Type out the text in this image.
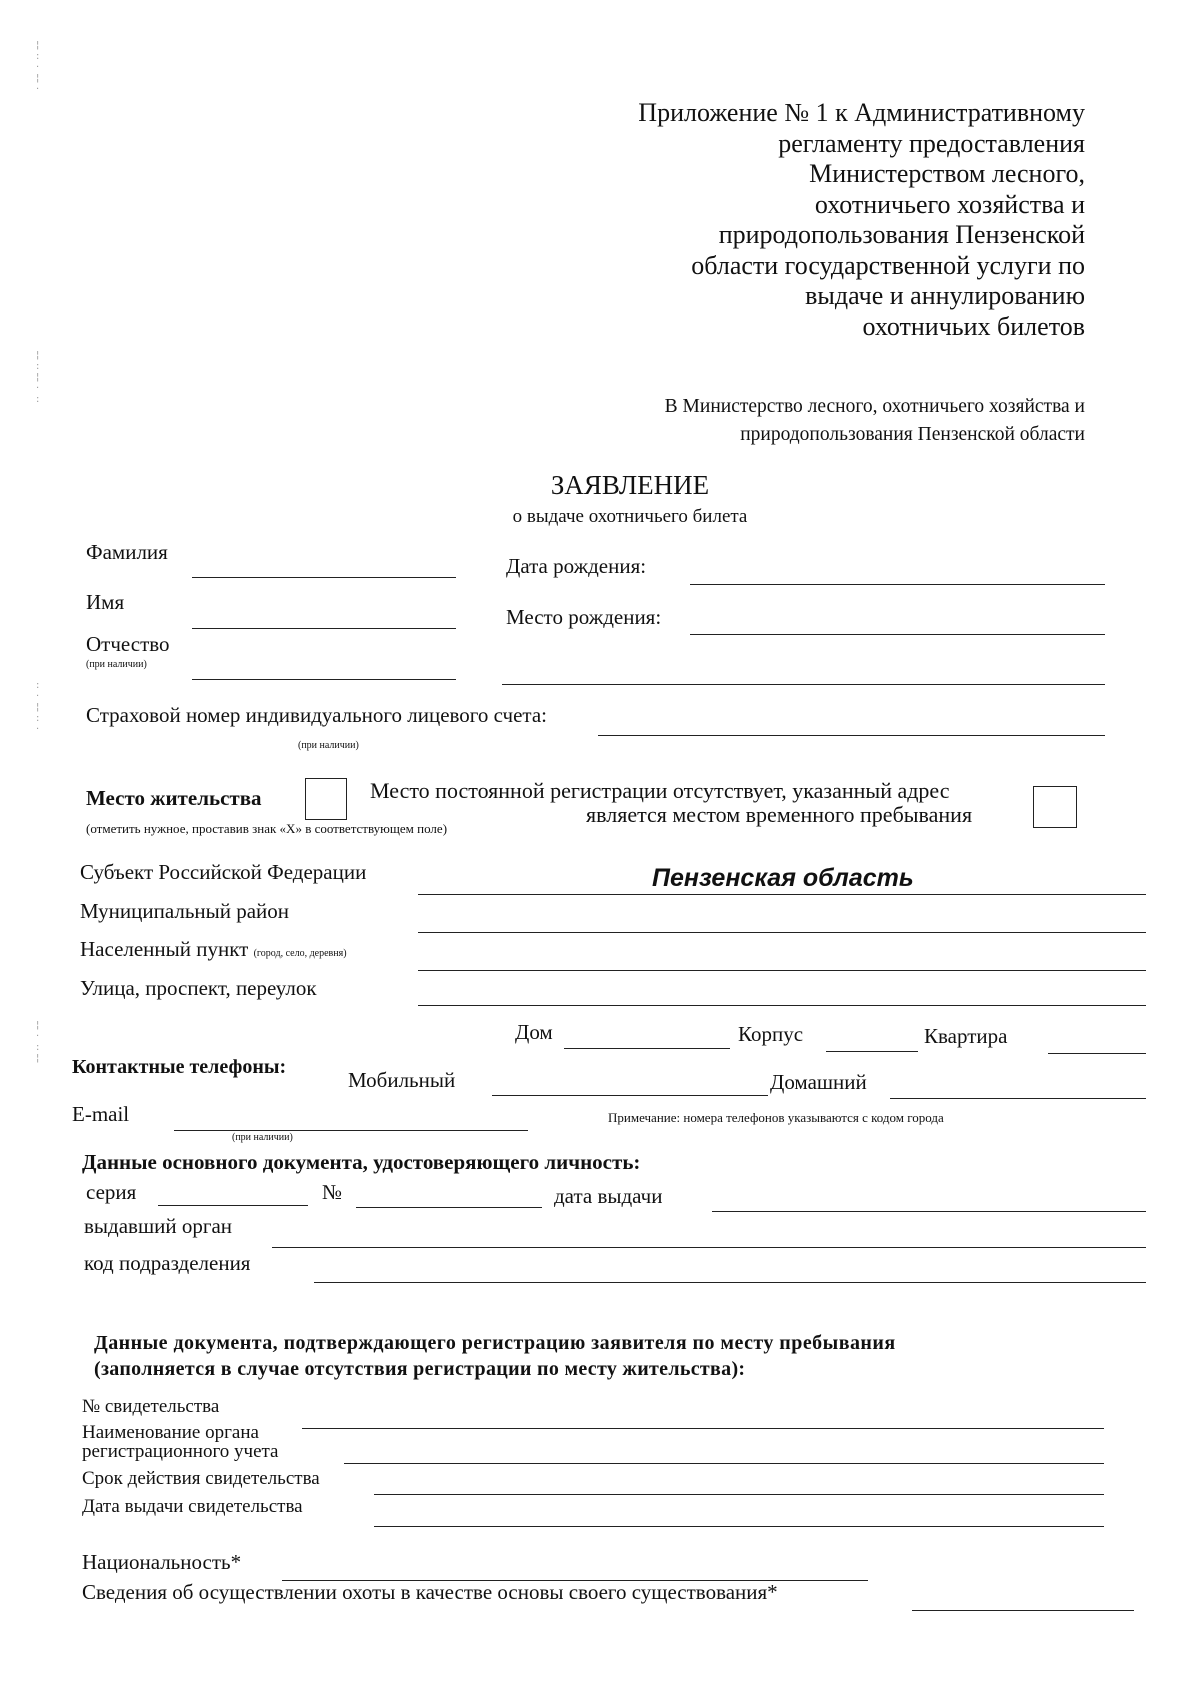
¦
:
·
¦
·
¦
:
¦
·
:
:
·
¦
:
·
¦
·
:
¦
Приложение № 1 к Административному
регламенту предоставления
Министерством лесного,
охотничьего хозяйства и
природопользования Пензенской
области государственной услуги по
выдаче и аннулированию
охотничьих билетов
В Министерство лесного, охотничьего хозяйства и
природопользования Пензенской области
ЗАЯВЛЕНИЕ
о выдаче охотничьего билета
Фамилия
Имя
Отчество
(при наличии)
Дата рождения:
Место рождения:
Страховой номер индивидуального лицевого счета:
(при наличии)
Место жительства
(отметить нужное, проставив знак «Х» в соответствующем поле)
Место постоянной регистрации отсутствует, указанный адрес
является местом временного пребывания
Субъект Российской Федерации	Пензенская область
Муниципальный район
Населенный пункт (город, село, деревня)
Улица, проспект, переулок
Дом	Корпус	Квартира
Контактные телефоны:
Мобильный	Домашний
E-mail
(при наличии)
Примечание: номера телефонов указываются с кодом города
Данные основного документа, удостоверяющего личность:
серия	№	дата выдачи
выдавший орган
код подразделения
Данные документа, подтверждающего регистрацию заявителя по месту пребывания
(заполняется в случае отсутствия регистрации по месту жительства):
№ свидетельства
Наименование органа
регистрационного учета
Срок действия свидетельства
Дата выдачи свидетельства
Национальность*
Сведения об осуществлении охоты в качестве основы своего существования*
